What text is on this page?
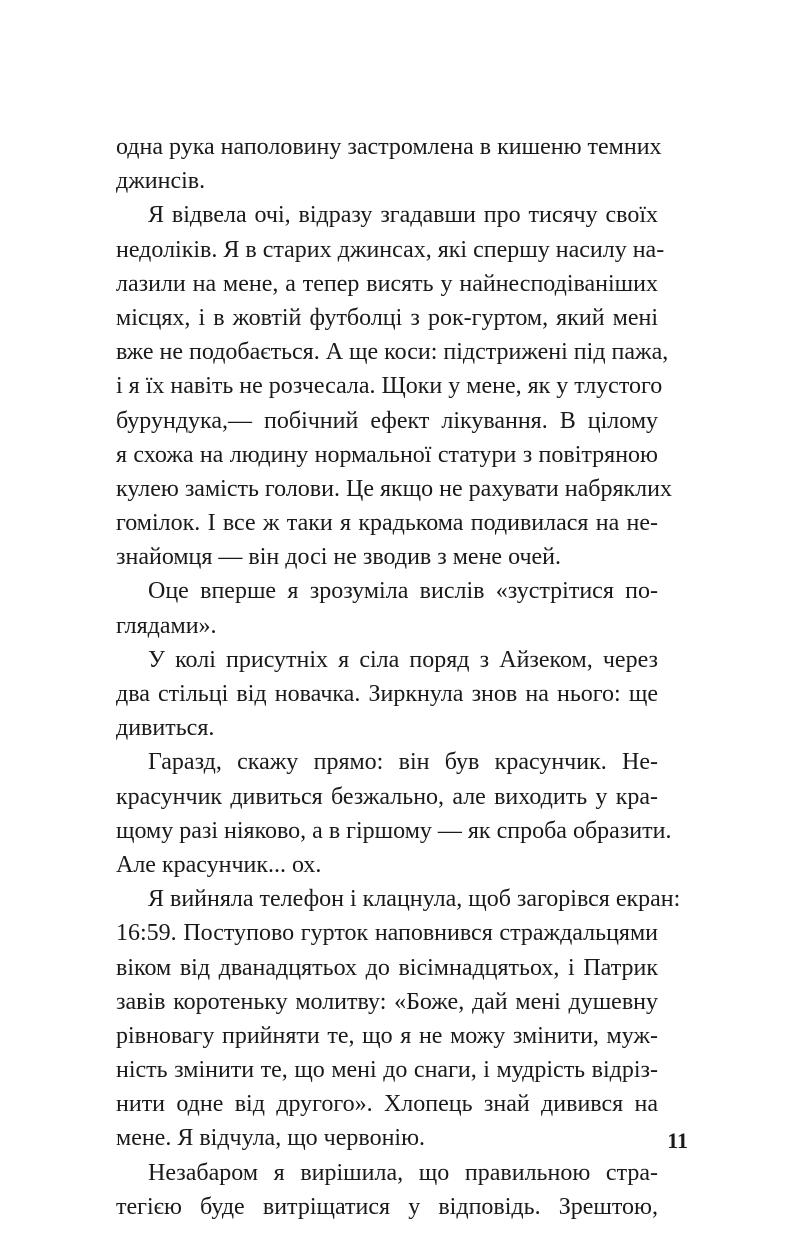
одна рука наполовину застромлена в кишеню темних
джинсів.
Я відвела очі, відразу згадавши про тисячу своїх
недоліків. Я в старих джинсах, які спершу насилу на-
лазили на мене, а тепер висять у найнесподіваніших
місцях, і в жовтій футболці з рок-гуртом, який мені
вже не подобається. А ще коси: підстрижені під пажа,
і я їх навіть не розчесала. Щоки у мене, як у тлустого
бурундука,— побічний ефект лікування. В цілому
я схожа на людину нормальної статури з повітряною
кулею замість голови. Це якщо не рахувати набряклих
гомілок. І все ж таки я крадькома подивилася на не-
знайомця — він досі не зводив з мене очей.
Оце вперше я зрозуміла вислів «зустрітися по-
глядами».
У колі присутніх я сіла поряд з Айзеком, через
два стільці від новачка. Зиркнула знов на нього: ще
дивиться.
Гаразд, скажу прямо: він був красунчик. Не-
красунчик дивиться безжально, але виходить у кра-
щому разі ніяково, а в гіршому — як спроба образити.
Але красунчик... ох.
Я вийняла телефон і клацнула, щоб загорівся екран:
16:59. Поступово гурток наповнився страждальцями
віком від дванадцятьох до вісімнадцятьох, і Патрик
завів коротеньку молитву: «Боже, дай мені душевну
рівновагу прийняти те, що я не можу змінити, муж-
ність змінити те, що мені до снаги, і мудрість відріз-
нити одне від другого». Хлопець знай дивився на
мене. Я відчула, що червонію.
Незабаром я вирішила, що правильною стра-
тегією буде витріщатися у відповідь. Зрештою,
11
